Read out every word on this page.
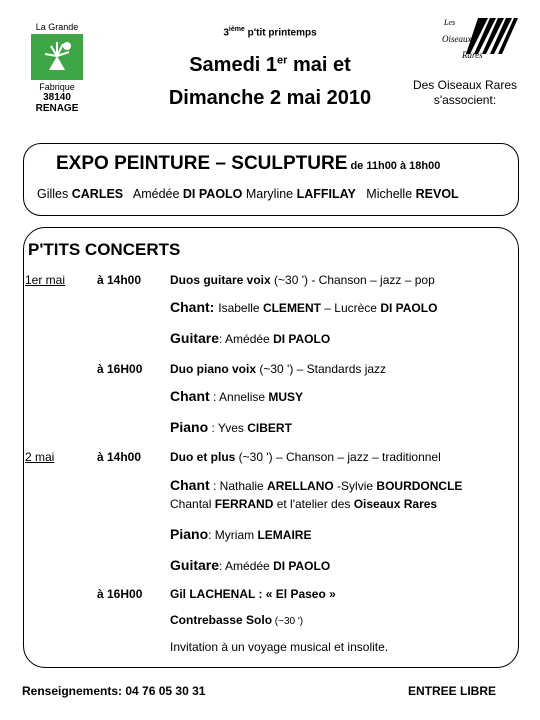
La Grande
Fabrique
38140
RENAGE
3ième p'tit printemps
Samedi 1er mai et
Dimanche 2 mai 2010
Les
Oiseaux
Rares
Des Oiseaux Rares
s'associent:
EXPO PEINTURE – SCULPTURE de 11h00 à 18h00
Gilles CARLES Amédée DI PAOLO Maryline LAFFILAY Michelle REVOL
P'TITS CONCERTS
1er mai	à 14h00 Duos guitare voix (~30 ') - Chanson – jazz – pop
Chant: Isabelle CLEMENT – Lucrèce DI PAOLO
Guitare: Amédée DI PAOLO
à 16H00 Duo piano voix (~30 ') – Standards jazz
Chant : Annelise MUSY
Piano : Yves CIBERT
2 mai	à 14h00 Duo et plus (~30 ') – Chanson – jazz – traditionnel
Chant : Nathalie ARELLANO -Sylvie BOURDONCLE
Chantal FERRAND et l'atelier des Oiseaux Rares
Piano: Myriam LEMAIRE
Guitare: Amédée DI PAOLO
à 16H00 Gil LACHENAL : « El Paseo »
Contrebasse Solo (~30 ')
Invitation à un voyage musical et insolite.
Renseignements: 04 76 05 30 31	ENTREE LIBRE
